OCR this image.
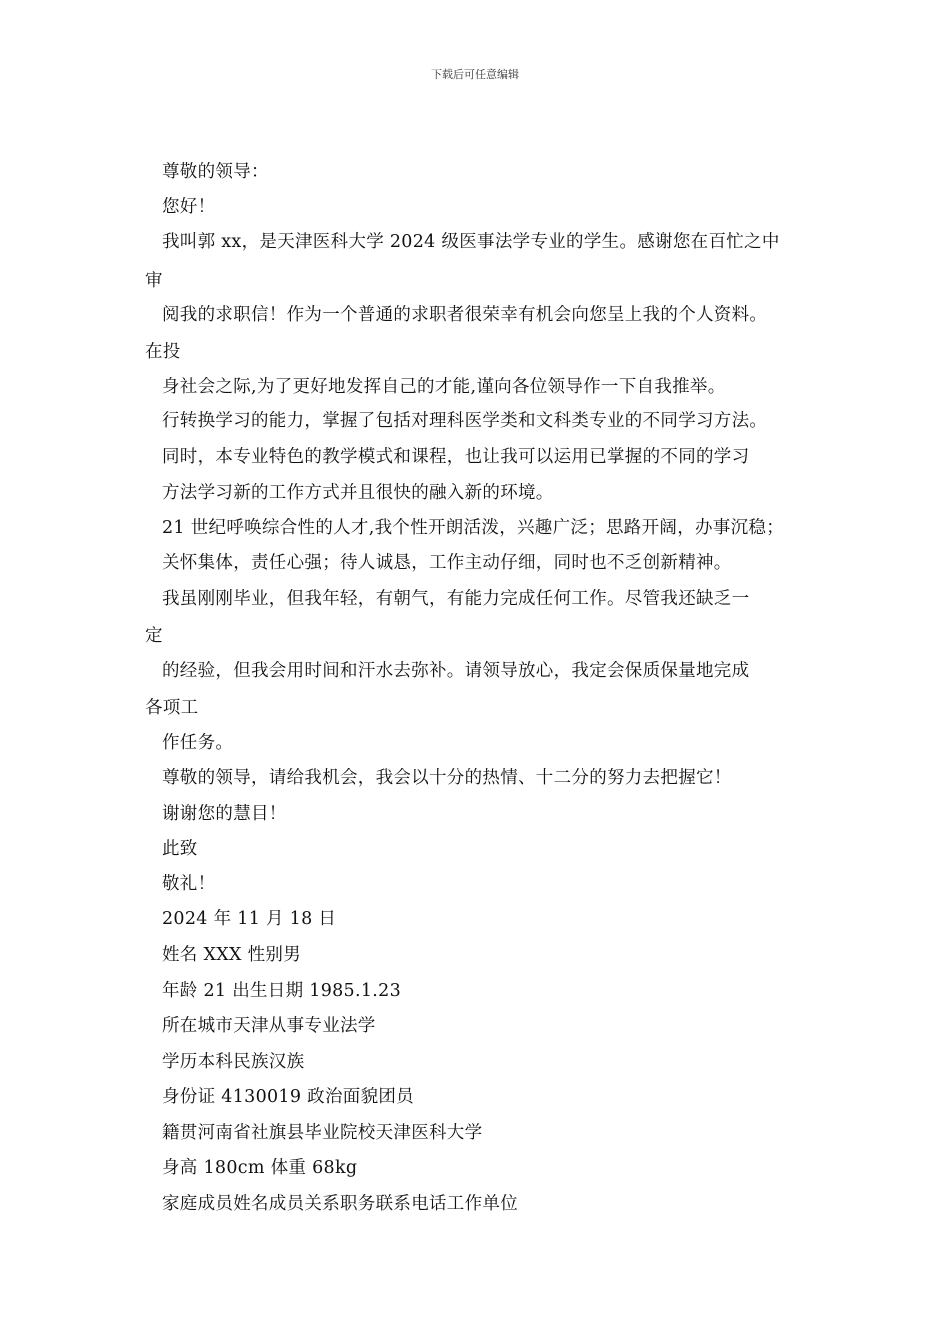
下载后可任意编辑
尊敬的领导：
您好！
我叫郭 xx，是天津医科大学 2024 级医事法学专业的学生。感谢您在百忙之中
审
阅我的求职信！作为一个普通的求职者很荣幸有机会向您呈上我的个人资料。
在投
身社会之际,为了更好地发挥自己的才能,谨向各位领导作一下自我推举。
行转换学习的能力，掌握了包括对理科医学类和文科类专业的不同学习方法。
同时，本专业特色的教学模式和课程，也让我可以运用已掌握的不同的学习
方法学习新的工作方式并且很快的融入新的环境。
21 世纪呼唤综合性的人才,我个性开朗活泼，兴趣广泛；思路开阔，办事沉稳；
关怀集体，责任心强；待人诚恳，工作主动仔细，同时也不乏创新精神。
我虽刚刚毕业，但我年轻，有朝气，有能力完成任何工作。尽管我还缺乏一
定
的经验，但我会用时间和汗水去弥补。请领导放心，我定会保质保量地完成
各项工
作任务。
尊敬的领导，请给我机会，我会以十分的热情、十二分的努力去把握它！
谢谢您的慧目！
此致
敬礼！
2024 年 11 月 18 日
姓名 XXX 性别男
年龄 21 出生日期 1985.1.23
所在城市天津从事专业法学
学历本科民族汉族
身份证 4130019 政治面貌团员
籍贯河南省社旗县毕业院校天津医科大学
身高 180cm 体重 68kg
家庭成员姓名成员关系职务联系电话工作单位
